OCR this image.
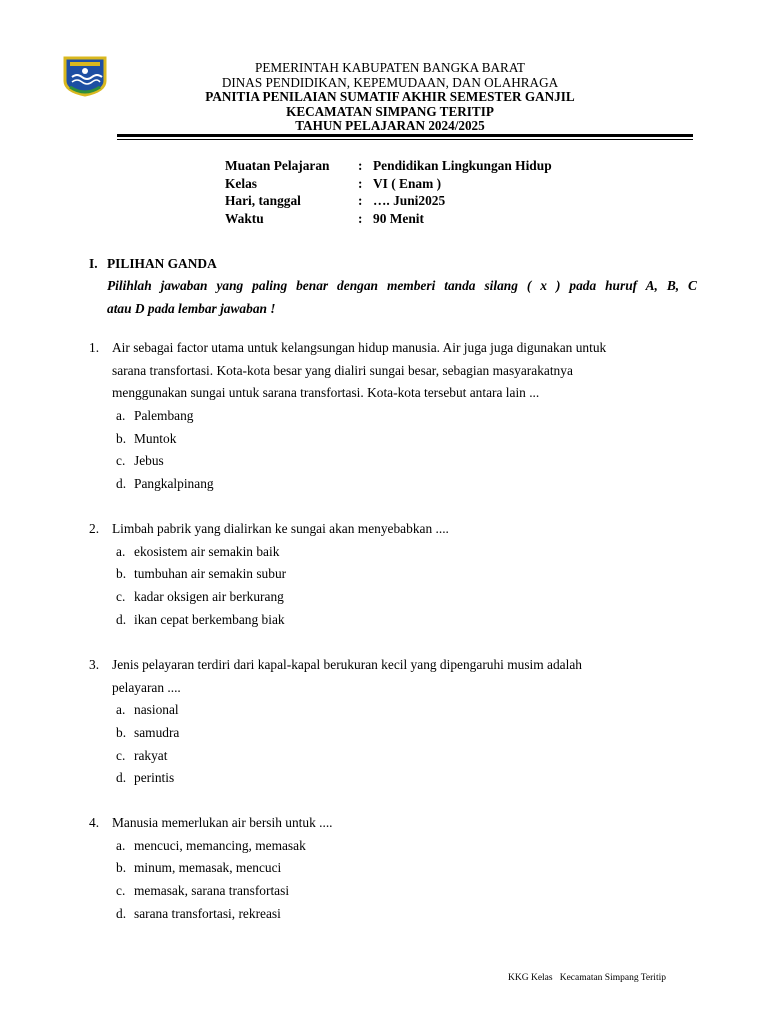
PEMERINTAH KABUPATEN BANGKA BARAT
DINAS PENDIDIKAN, KEPEMUDAAN, DAN OLAHRAGA
PANITIA PENILAIAN SUMATIF AKHIR SEMESTER GANJIL
KECAMATAN SIMPANG TERITIP
TAHUN PELAJARAN 2024/2025
Muatan Pelajaran : Pendidikan Lingkungan Hidup
Kelas	: VI ( Enam )
Hari, tanggal	: …. Juni2025
Waktu	: 90 Menit
I. PILIHAN GANDA
Pilihlah jawaban yang paling benar dengan memberi tanda silang ( x ) pada huruf A, B, C
atau D pada lembar jawaban !
1. Air sebagai factor utama untuk kelangsungan hidup manusia. Air juga juga digunakan untuk
sarana transfortasi. Kota-kota besar yang dialiri sungai besar, sebagian masyarakatnya
menggunakan sungai untuk sarana transfortasi. Kota-kota tersebut antara lain ...
a. Palembang
b. Muntok
c. Jebus
d. Pangkalpinang
2. Limbah pabrik yang dialirkan ke sungai akan menyebabkan ....
a. ekosistem air semakin baik
b. tumbuhan air semakin subur
c. kadar oksigen air berkurang
d. ikan cepat berkembang biak
3. Jenis pelayaran terdiri dari kapal-kapal berukuran kecil yang dipengaruhi musim adalah
pelayaran ....
a. nasional
b. samudra
c. rakyat
d. perintis
4. Manusia memerlukan air bersih untuk ....
a. mencuci, memancing, memasak
b. minum, memasak, mencuci
c. memasak, sarana transfortasi
d. sarana transfortasi, rekreasi
KKG Kelas   Kecamatan Simpang Teritip
